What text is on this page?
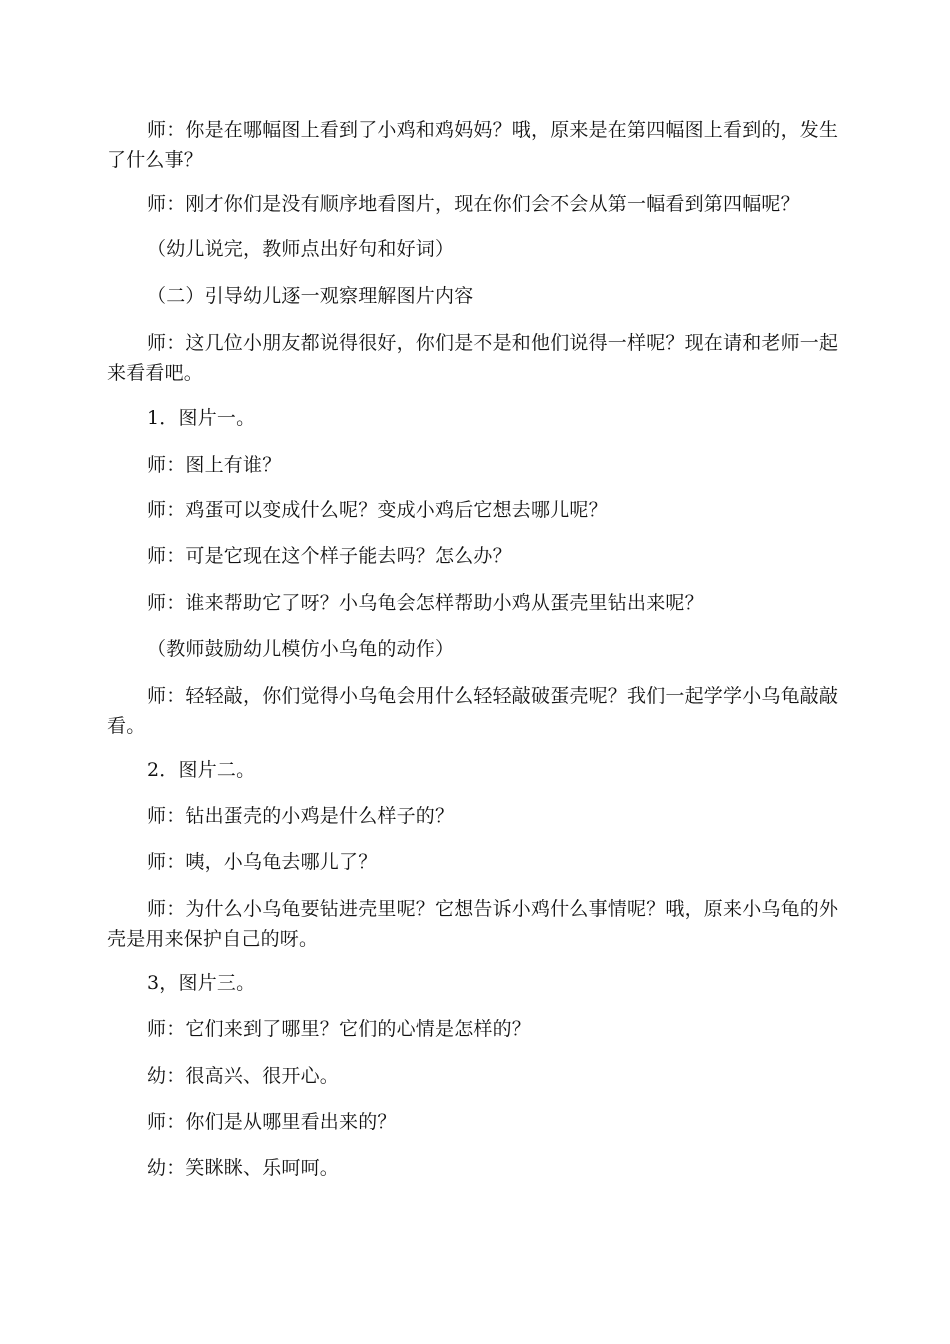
师：你是在哪幅图上看到了小鸡和鸡妈妈？哦，原来是在第四幅图上看到的，发生了什么事？

师：刚才你们是没有顺序地看图片，现在你们会不会从第一幅看到第四幅呢？

（幼儿说完，教师点出好句和好词）

（二）引导幼儿逐一观察理解图片内容

师：这几位小朋友都说得很好，你们是不是和他们说得一样呢？现在请和老师一起来看看吧。

1．图片一。

师：图上有谁？

师：鸡蛋可以变成什么呢？变成小鸡后它想去哪儿呢？

师：可是它现在这个样子能去吗？怎么办？

师：谁来帮助它了呀？小乌龟会怎样帮助小鸡从蛋壳里钻出来呢？

（教师鼓励幼儿模仿小乌龟的动作）

师：轻轻敲，你们觉得小乌龟会用什么轻轻敲破蛋壳呢？我们一起学学小乌龟敲敲看。

2．图片二。

师：钻出蛋壳的小鸡是什么样子的？

师：咦，小乌龟去哪儿了？

师：为什么小乌龟要钻进壳里呢？它想告诉小鸡什么事情呢？哦，原来小乌龟的外壳是用来保护自己的呀。

3，图片三。

师：它们来到了哪里？它们的心情是怎样的？

幼：很高兴、很开心。

师：你们是从哪里看出来的？

幼：笑眯眯、乐呵呵。
